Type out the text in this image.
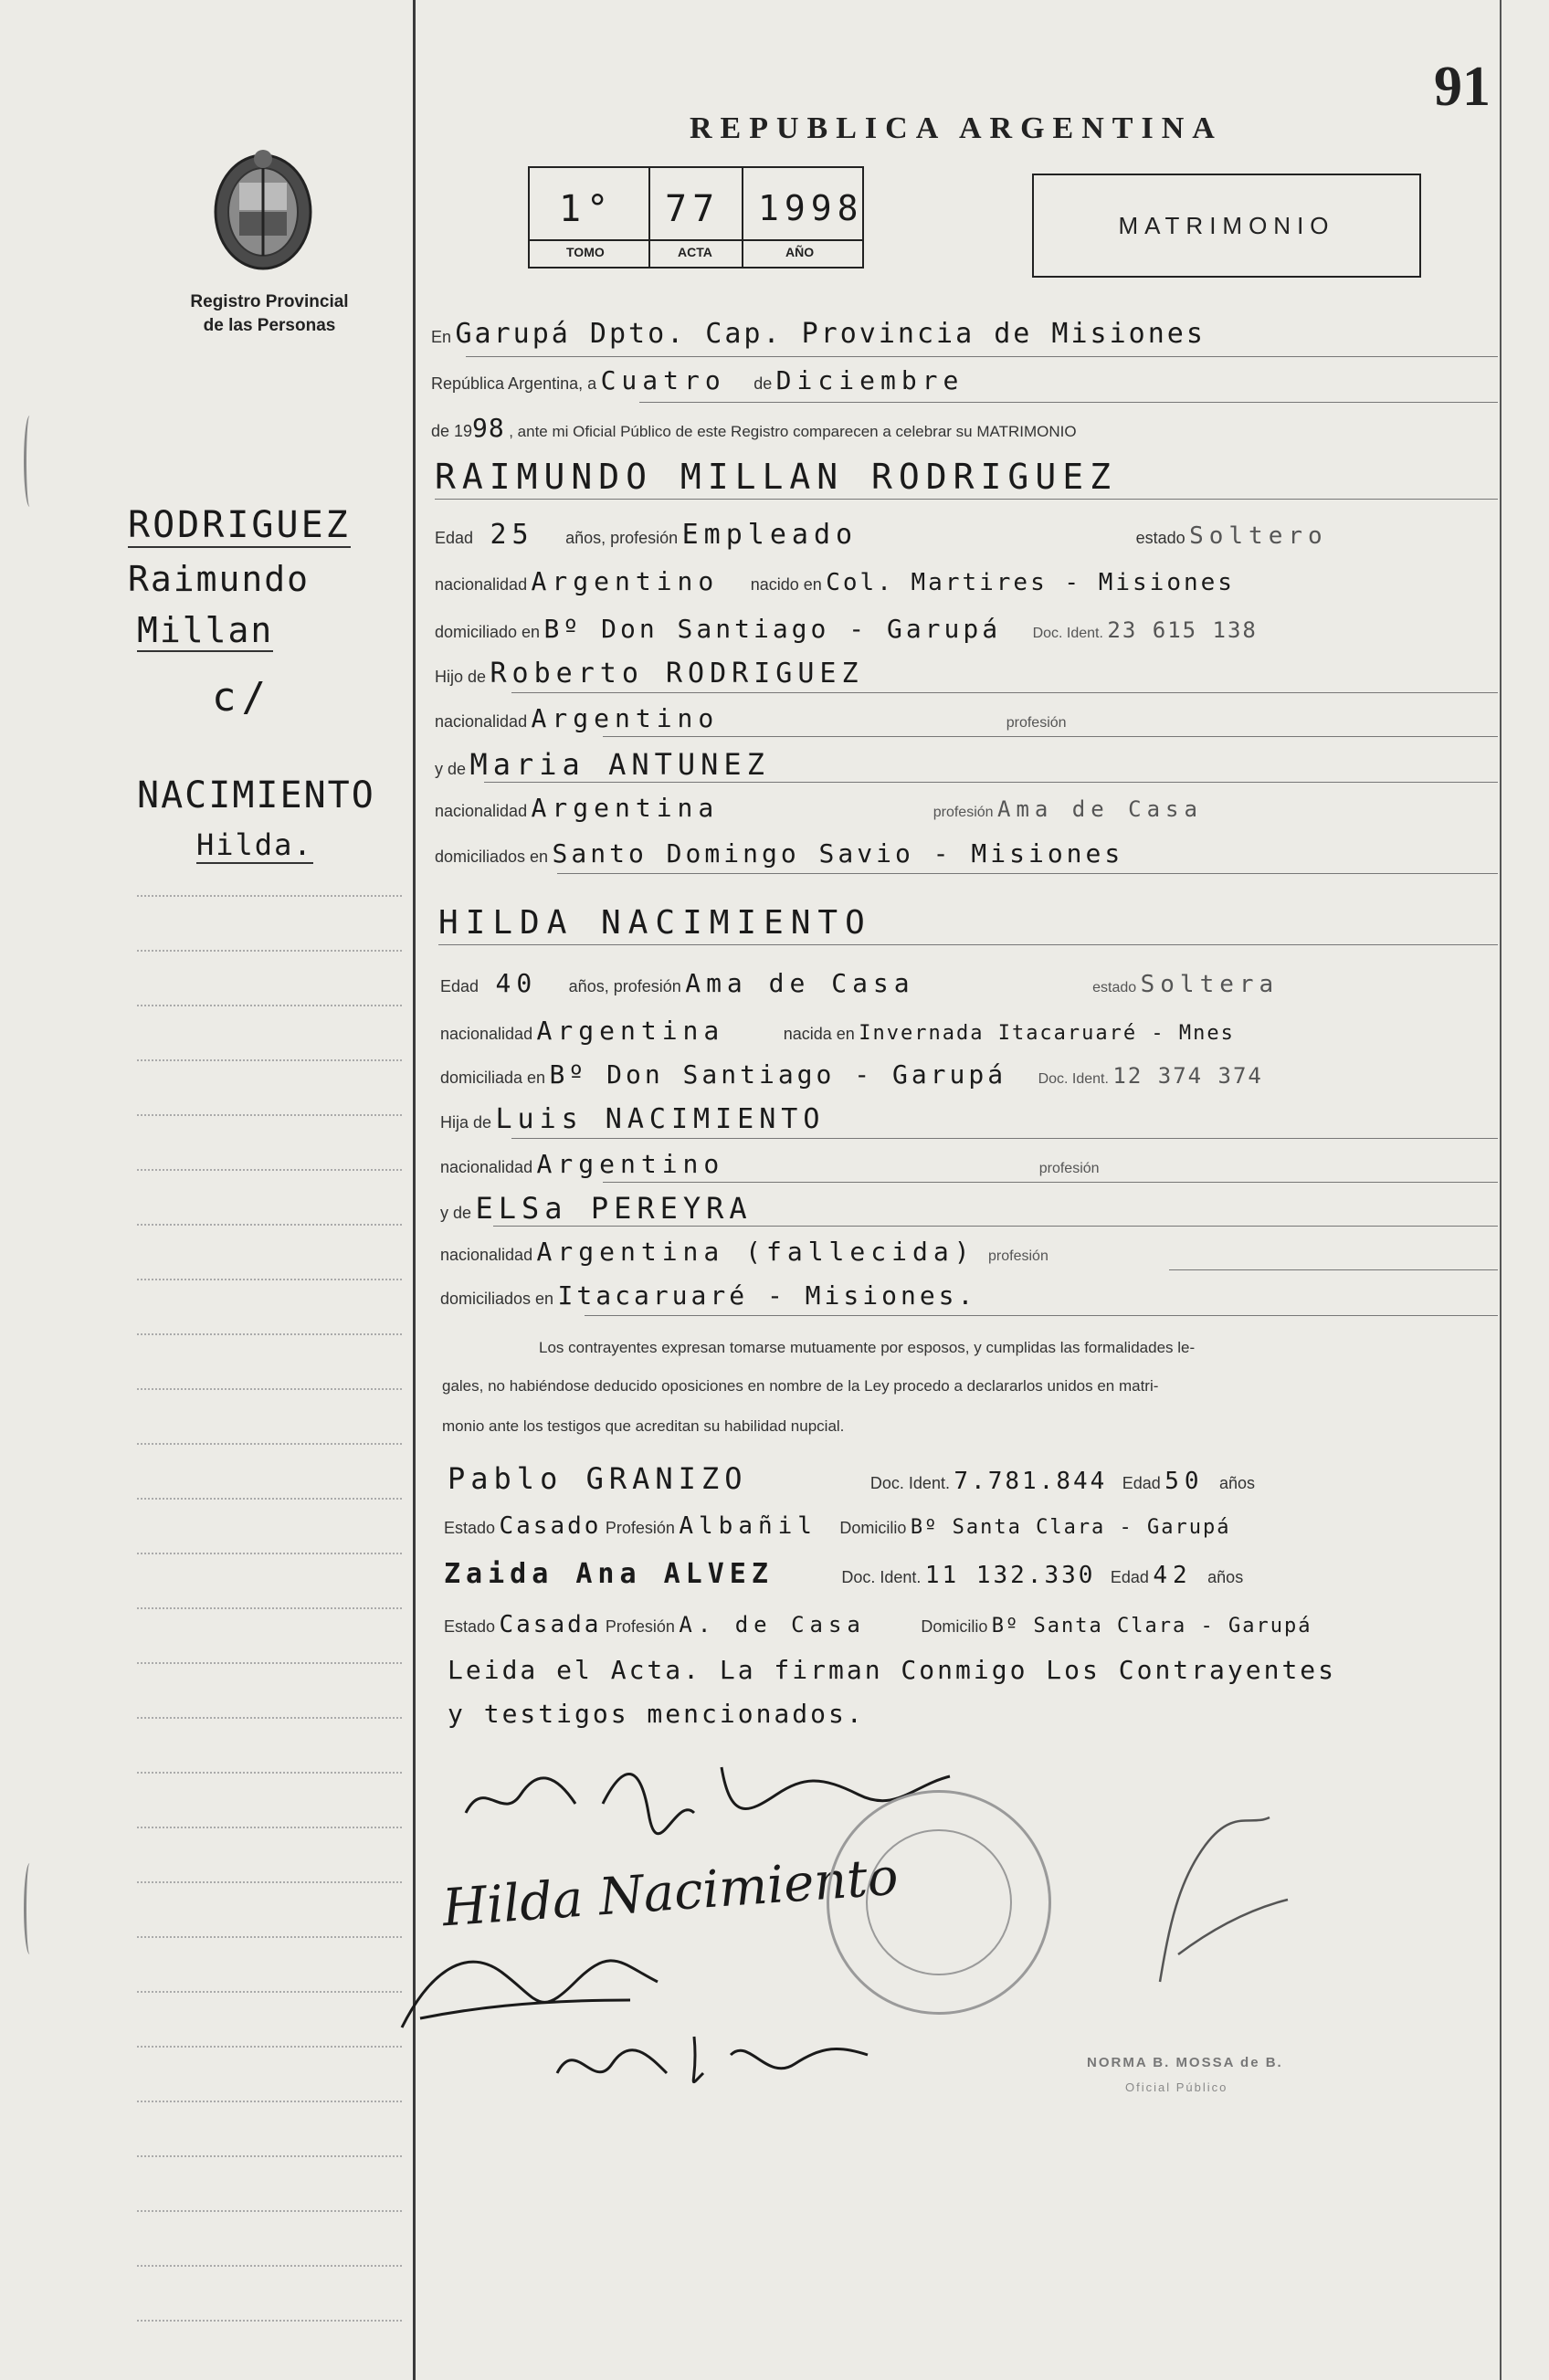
91
Registro Provincial
de las Personas
REPUBLICA ARGENTINA
1°
TOMO
77
ACTA
1998
AÑO
MATRIMONIO
RODRIGUEZ
Raimundo
Millan
c/
NACIMIENTO
Hilda.
En Garupá Dpto. Cap. Provincia de Misiones
República Argentina, a Cuatro de Diciembre
de 1998 , ante mi Oficial Público de este Registro comparecen a celebrar su MATRIMONIO
RAIMUNDO MILLAN RODRIGUEZ
Edad 25 años, profesión Empleado	estado Soltero
nacionalidad Argentino nacido en Col. Martires - Misiones
domiciliado en Bº Don Santiago - Garupá Doc. Ident. 23 615 138
Hijo de Roberto RODRIGUEZ
nacionalidad Argentino	profesión
y de Maria ANTUNEZ
nacionalidad Argentina	profesión Ama de Casa
domiciliados en Santo Domingo Savio - Misiones
HILDA NACIMIENTO
Edad 40 años, profesión Ama de Casa	estado Soltera
nacionalidad Argentina	nacida en Invernada Itacaruaré - Mnes
domiciliada en Bº Don Santiago - Garupá Doc. Ident. 12 374 374
Hija de Luis NACIMIENTO
nacionalidad Argentino	profesión
y de ELSa PEREYRA
nacionalidad Argentina (fallecida) profesión
domiciliados en Itacaruaré - Misiones.
Los contrayentes expresan tomarse mutuamente por esposos, y cumplidas las formalidades le-
gales, no habiéndose deducido oposiciones en nombre de la Ley procedo a declararlos unidos en matri-
monio ante los testigos que acreditan su habilidad nupcial.
Pablo GRANIZO	Doc. Ident. 7.781.844 Edad 50 años
Estado Casado Profesión Albañil Domicilio Bº Santa Clara - Garupá
Zaida Ana ALVEZ	Doc. Ident. 11 132.330 Edad 42 años
Estado Casada Profesión A. de Casa	Domicilio Bº Santa Clara - Garupá
Leida el Acta. La firman Conmigo Los Contrayentes
y testigos mencionados.
Hilda Nacimiento
NORMA B. MOSSA de B.
Oficial Público
